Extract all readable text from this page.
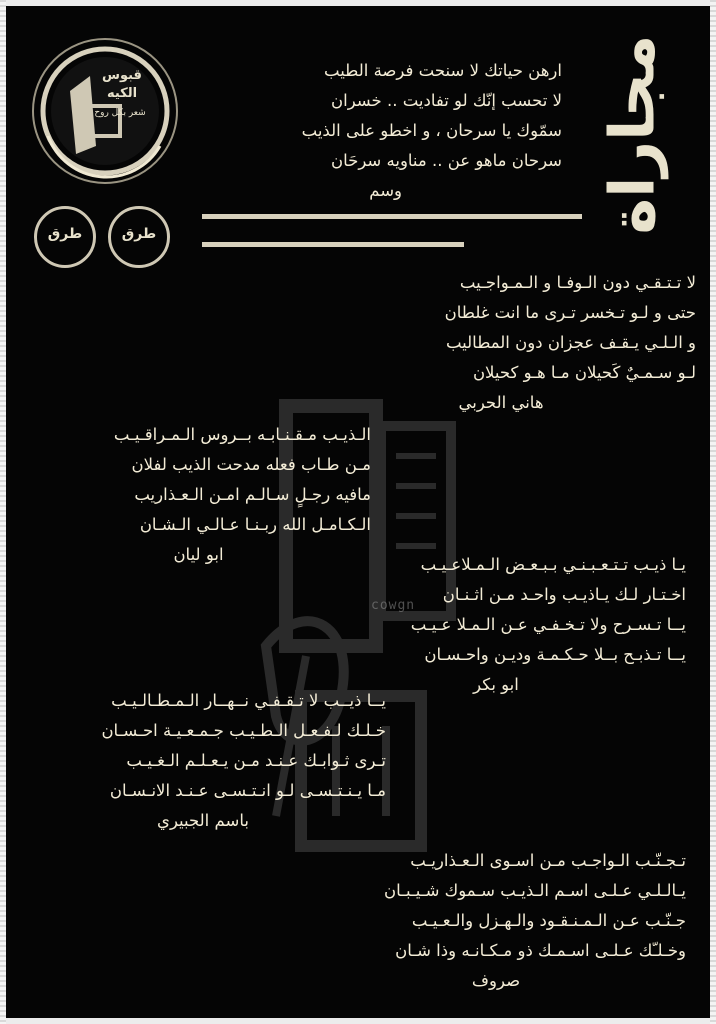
cowgn
قبوس
الكيه
شعر بكل روح
طرق	طرق	مجاراة
ارهن حياتك لا سنحت فرصة الطيب
لا تحسب إنّك لو تفاديت .. خسران
سمّوك يا سرحان ، و اخطو على الذيب
سرحان ماهو عن .. مناويه سرحَان
وسم
لا تـتـقـي دون الـوفـا و الـمـواجـيب
حتى و لـو تـخسر تـرى ما انت غلطان
و الـلـي يـقـف عجزان دون المطاليب
لـو سـمـيٌ كَحيلان مـا هـو كحيلان
هاني الحربي
الـذيـب مـقـنـابـه بــروس الـمـراقـيـب
مـن طـاب فعله مدحت الذيب لفلان
مافيه رجـلٍ سـالـم امـن الـعـذاريب
الـكـامـل الله ربـنـا عـالـي الـشـان
ابو ليان
يـا ذيـب تـتـعـبـنـي بـبـعـض الـمـلاعـيـب
اخـتـار لـك يـاذيـب واحـد مـن اثـنـان
يــا تـسـرح ولا تـخـفـي عـن الـمـلا عـيـب
يــا تـذبـح بــلا حـكـمـة وديـن واحـسـان
ابو بكر
يــا ذيــب لا تـقـفـي نــهــار الـمـطـالـيـب
خـلـك لـفـعـل الـطـيـب جـمـعـيـة احـسـان
تـرى ثـوابـك عـنـد مـن يـعـلـم الـغـيـب
مـا يـنـتـسـى لـو انـتـسـى عـنـد الانـسـان
باسم الجبيري
تـجـنّـب الـواجـب مـن اسـوى الـعـذاريـب
يـالـلـي عـلـى اسـم الـذيـب سـموك شـيـبـان
جـنّـب عـن الـمـنـقـود والـهـزل والـعـيـب
وخـلـّك عـلـى اسـمـك ذو مـكـانـه وذا شـان
صروف
